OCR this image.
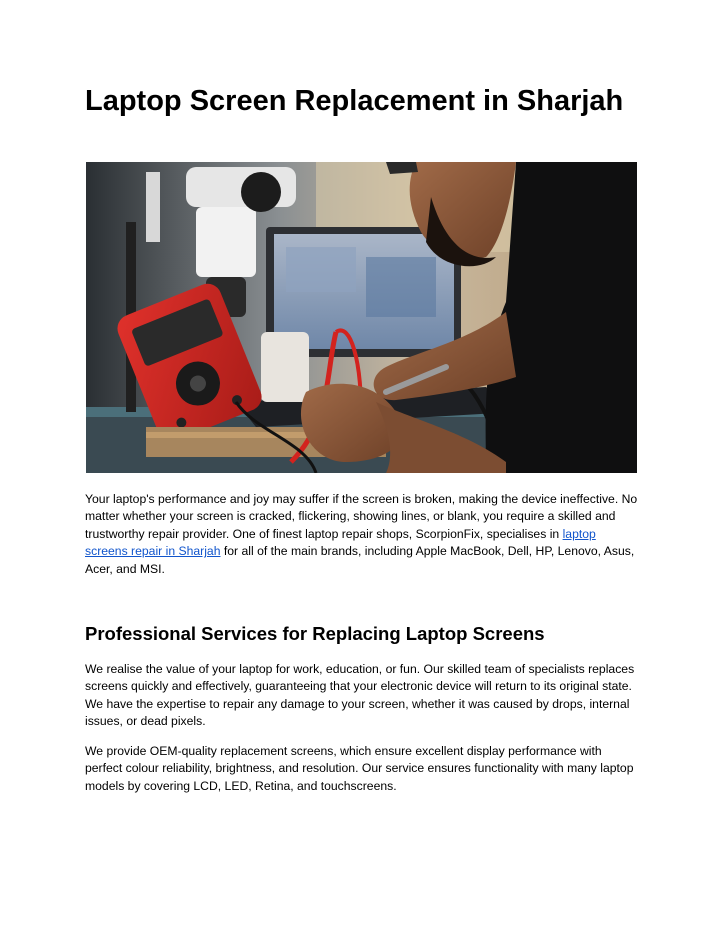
Laptop Screen Replacement in Sharjah

Your laptop's performance and joy may suffer if the screen is broken, making the device ineffective. No matter whether your screen is cracked, flickering, showing lines, or blank, you require a skilled and trustworthy repair provider. One of finest laptop repair shops, ScorpionFix, specialises in laptop screens repair in Sharjah for all of the main brands, including Apple MacBook, Dell, HP, Lenovo, Asus, Acer, and MSI.

Professional Services for Replacing Laptop Screens

We realise the value of your laptop for work, education, or fun. Our skilled team of specialists replaces screens quickly and effectively, guaranteeing that your electronic device will return to its original state. We have the expertise to repair any damage to your screen, whether it was caused by drops, internal issues, or dead pixels.

We provide OEM-quality replacement screens, which ensure excellent display performance with perfect colour reliability, brightness, and resolution. Our service ensures functionality with many laptop models by covering LCD, LED, Retina, and touchscreens.
